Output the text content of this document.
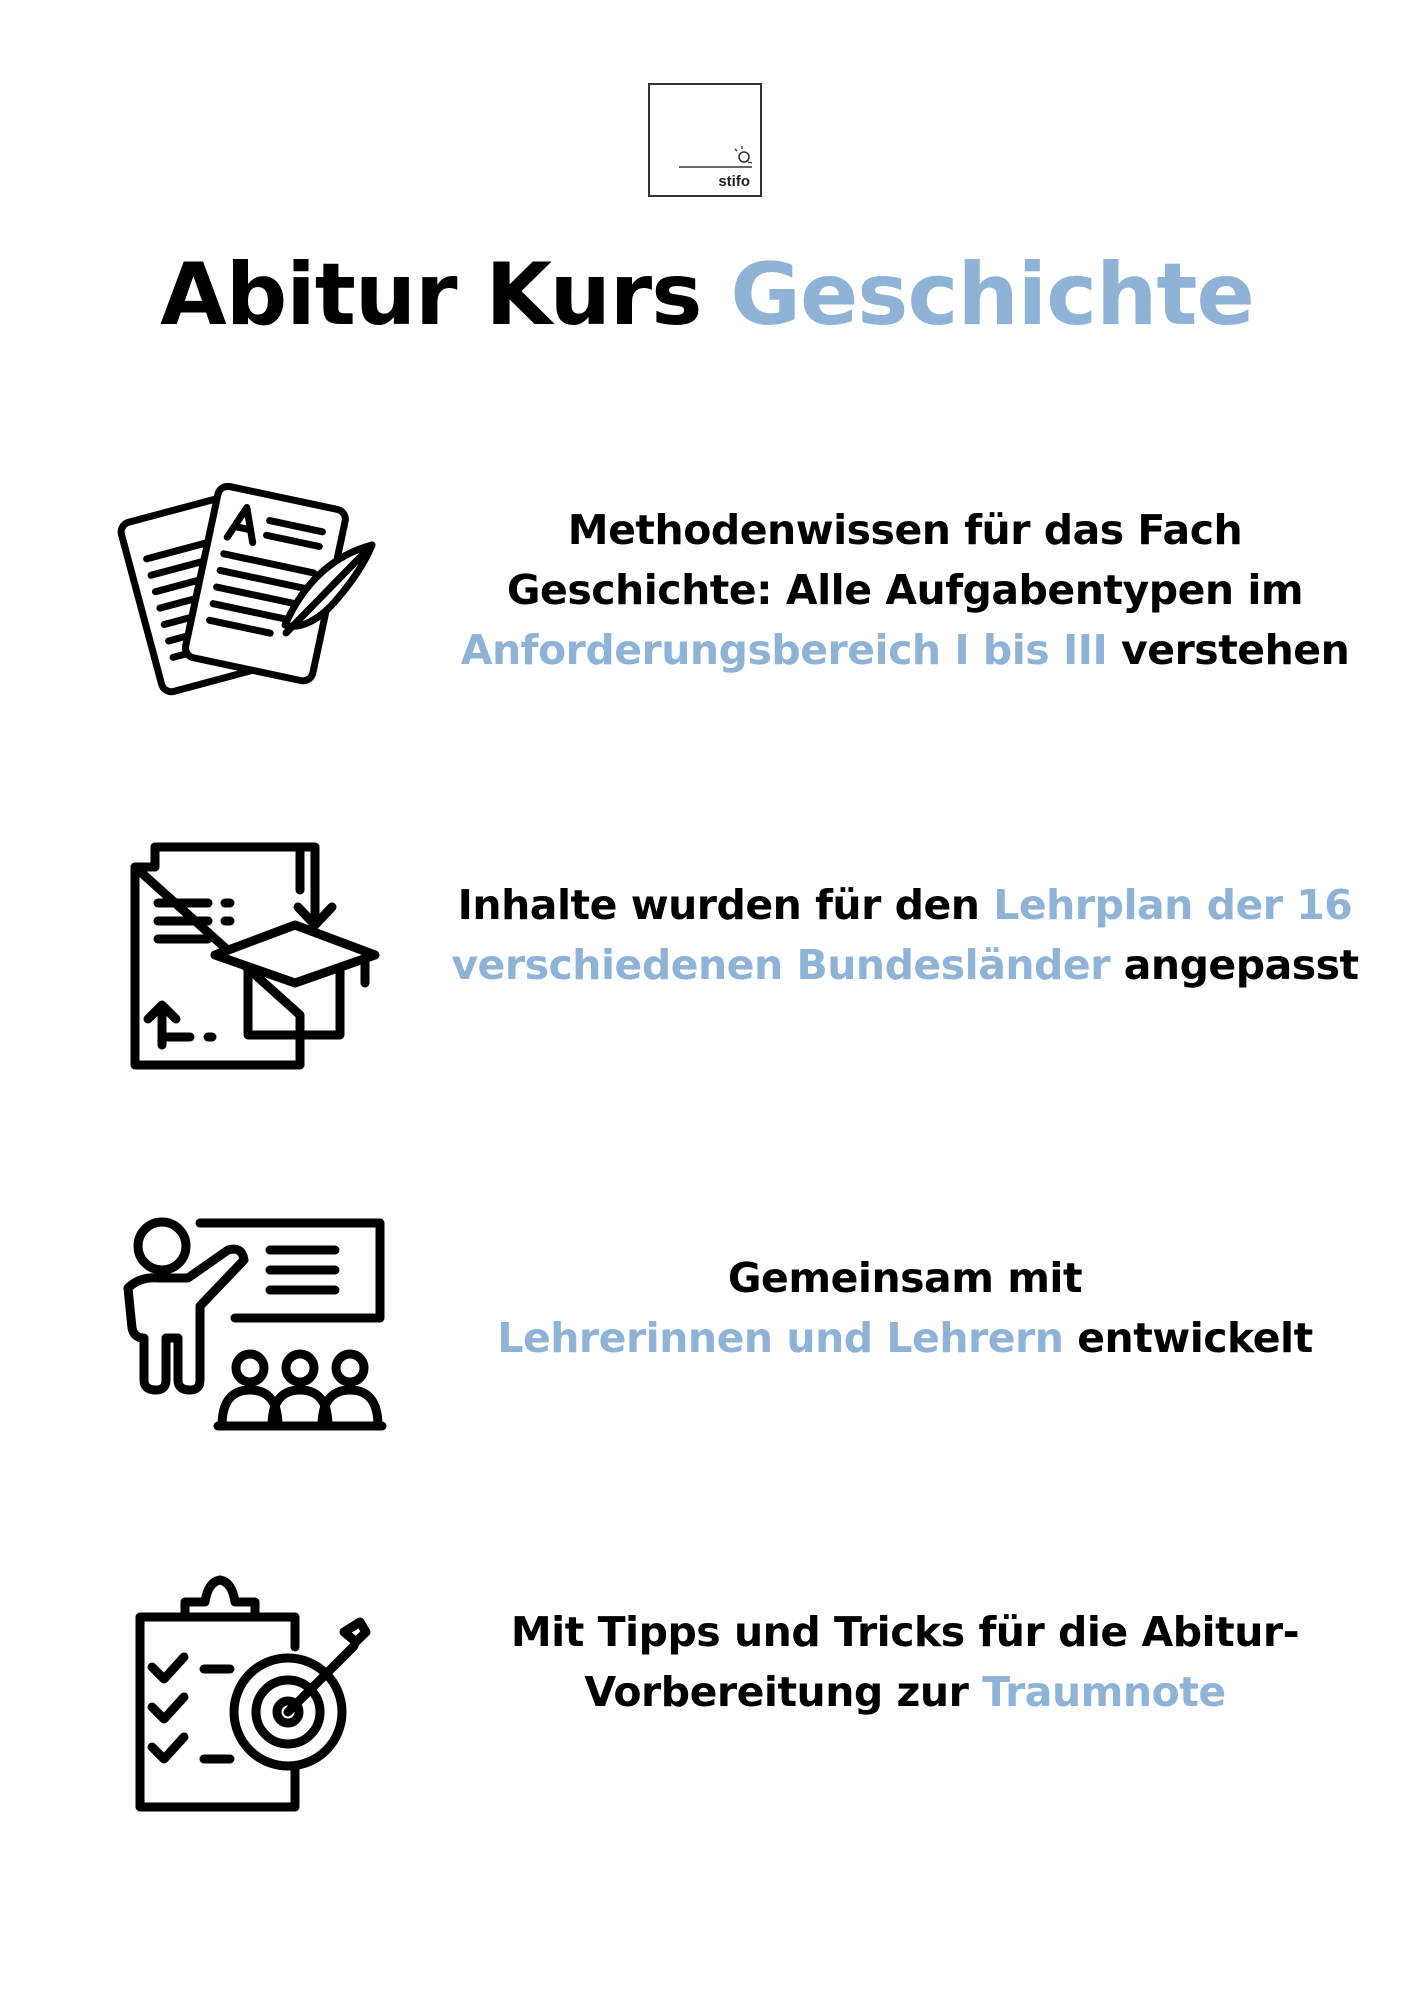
stifo
Abitur Kurs Geschichte
Methodenwissen für das Fach
Geschichte: Alle Aufgabentypen im
Anforderungsbereich I bis III verstehen
Inhalte wurden für den Lehrplan der 16
verschiedenen Bundesländer angepasst
Gemeinsam mit
Lehrerinnen und Lehrern entwickelt
Mit Tipps und Tricks für die Abitur-
Vorbereitung zur Traumnote
